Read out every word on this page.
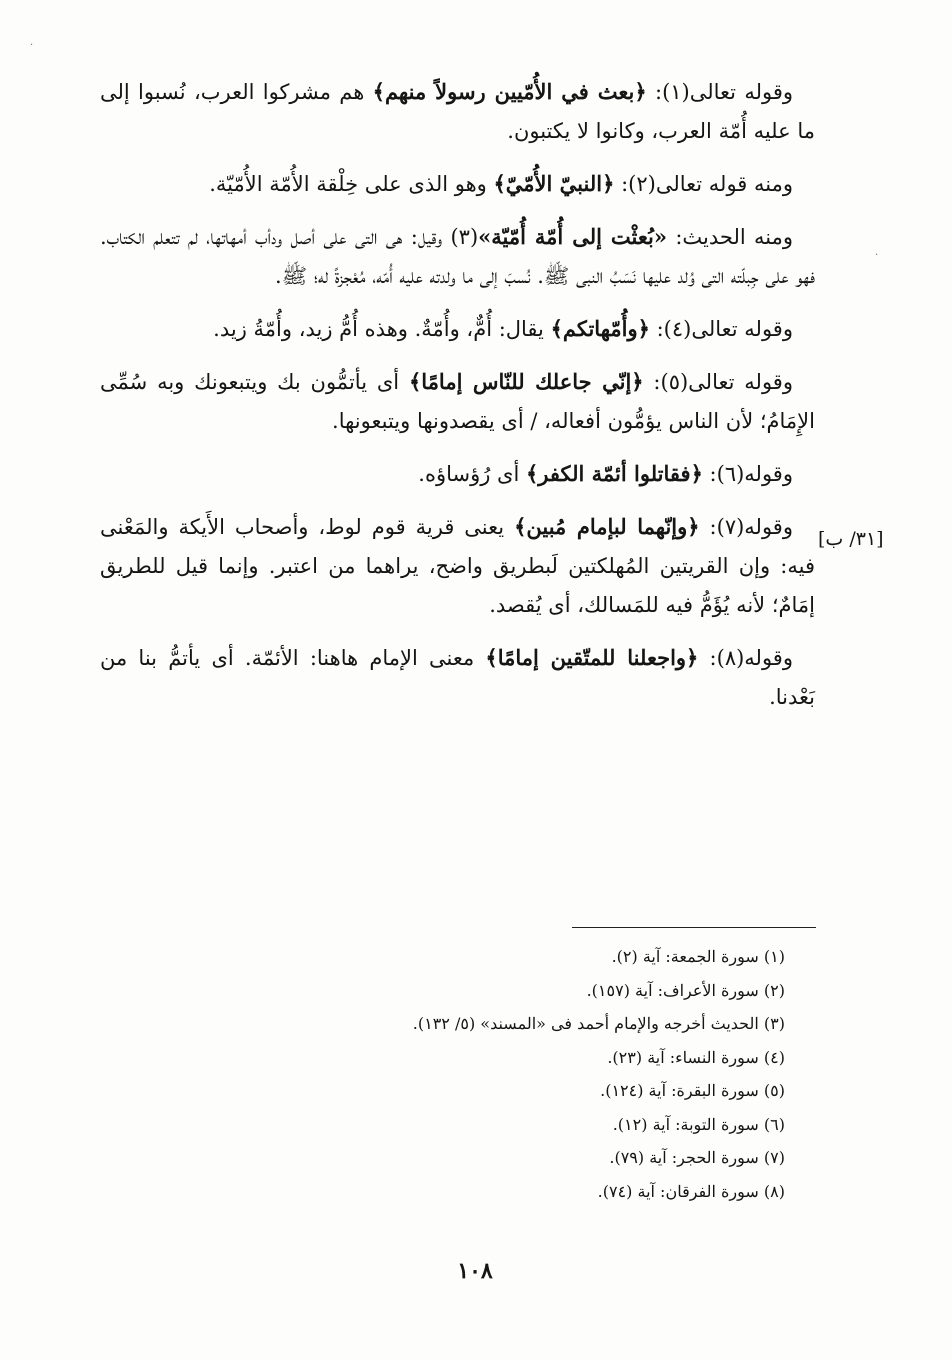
وقوله تعالى(١): ﴿بعث في الأُمّيين رسولاً منهم﴾ هم مشركوا العرب، نُسبوا إلى ما عليه أُمّة العرب، وكانوا لا يكتبون.

ومنه قوله تعالى(٢): ﴿النبيّ الأُمّيّ﴾ وهو الذى على خِلْقة الأُمّة الأُمّيّة.

ومنه الحديث: «بُعثْت إلى أُمّة أُمّيّة»(٣) وقيل: هى التى على أصل ودأب أمهاتها، لم تتعلم الكتاب. فهو على جِبلّته التى وُلد عليها نَسَبُ النبى ﷺ. نُسبَ إلى ما ولدته عليه أُمّه، مُعْجزةً له؛ ﷺ.

وقوله تعالى(٤): ﴿وأُمّهاتكم﴾ يقال: أُمٌّ، وأُمّةٌ. وهذه أُمُّ زيد، وأُمّةُ زيد.

وقوله تعالى(٥): ﴿إنّي جاعلك للنّاس إمامًا﴾ أى يأتمُّون بك ويتبعونك وبه سُمِّى الإِمَامُ؛ لأن الناس يؤمُّون أفعاله، / أى يقصدونها ويتبعونها.

وقوله(٦): ﴿فقاتلوا أئمّة الكفر﴾ أى رُؤساؤه.

وقوله(٧): ﴿وإنّهما لبإمام مُبين﴾ يعنى قرية قوم لوط، وأصحاب الأَيكة والمَعْنى فيه: وإن القريتين المُهلكتين لَبطريق واضح، يراهما من اعتبر. وإنما قيل للطريق إمَامٌ؛ لأنه يُؤَمُّ فيه للمَسالك، أى يُقصد.

وقوله(٨): ﴿واجعلنا للمتّقين إمامًا﴾ معنى الإمام هاهنا: الأئمّة. أى يأتمُّ بنا من بَعْدنا.

[٣١/ ب]

(١) سورة الجمعة: آية (٢).

(٢) سورة الأعراف: آية (١٥٧).

(٣) الحديث أخرجه والإمام أحمد فى «المسند» (٥/ ١٣٢).

(٤) سورة النساء: آية (٢٣).

(٥) سورة البقرة: آية (١٢٤).

(٦) سورة التوبة: آية (١٢).

(٧) سورة الحجر: آية (٧٩).

(٨) سورة الفرقان: آية (٧٤).

١٠٨
·
·
